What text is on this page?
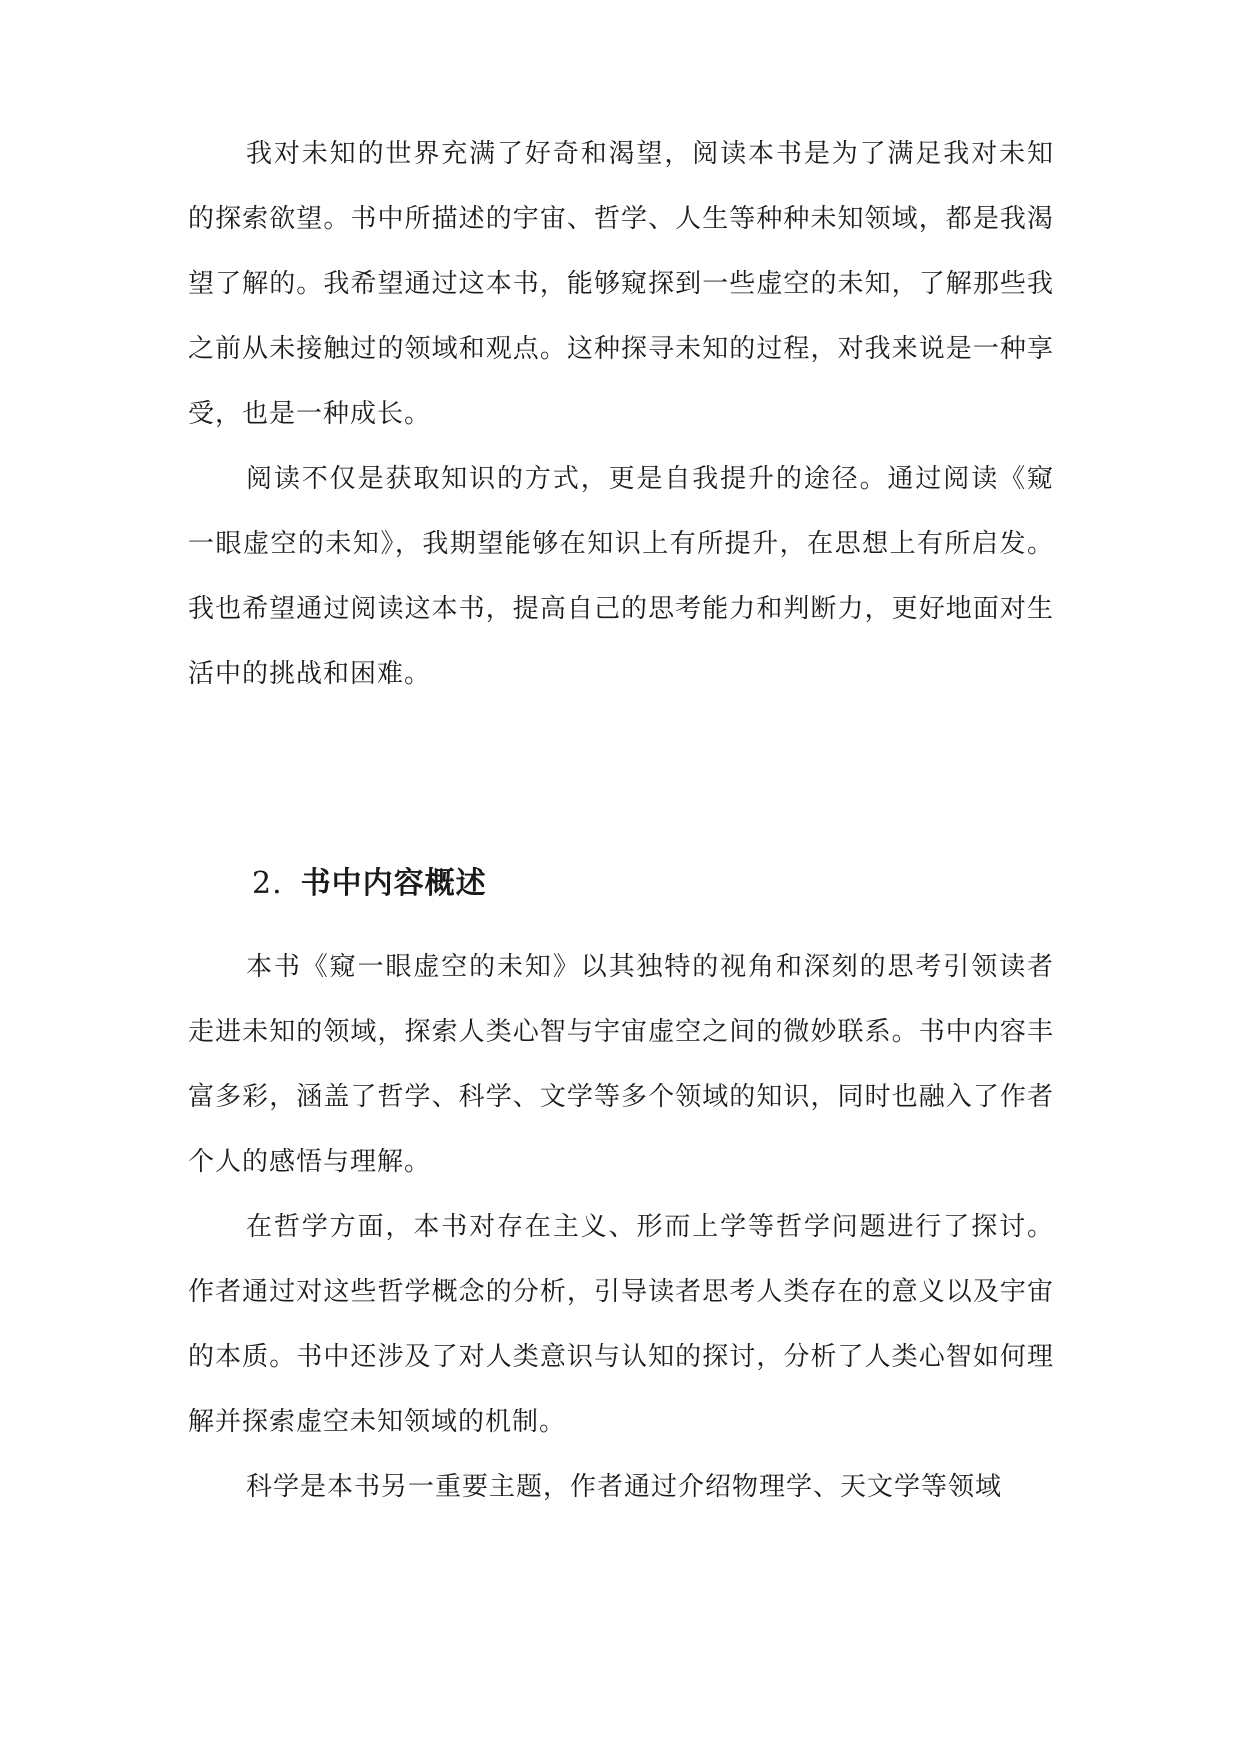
我对未知的世界充满了好奇和渴望，阅读本书是为了满足我对未知的探索欲望。书中所描述的宇宙、哲学、人生等种种未知领域，都是我渴望了解的。我希望通过这本书，能够窥探到一些虚空的未知，了解那些我之前从未接触过的领域和观点。这种探寻未知的过程，对我来说是一种享受，也是一种成长。

阅读不仅是获取知识的方式，更是自我提升的途径。通过阅读《窥一眼虚空的未知》，我期望能够在知识上有所提升，在思想上有所启发。我也希望通过阅读这本书，提高自己的思考能力和判断力，更好地面对生活中的挑战和困难。

2. 书中内容概述

本书《窥一眼虚空的未知》以其独特的视角和深刻的思考引领读者走进未知的领域，探索人类心智与宇宙虚空之间的微妙联系。书中内容丰富多彩，涵盖了哲学、科学、文学等多个领域的知识，同时也融入了作者个人的感悟与理解。

在哲学方面，本书对存在主义、形而上学等哲学问题进行了探讨。作者通过对这些哲学概念的分析，引导读者思考人类存在的意义以及宇宙的本质。书中还涉及了对人类意识与认知的探讨，分析了人类心智如何理解并探索虚空未知领域的机制。

科学是本书另一重要主题，作者通过介绍物理学、天文学等领域
